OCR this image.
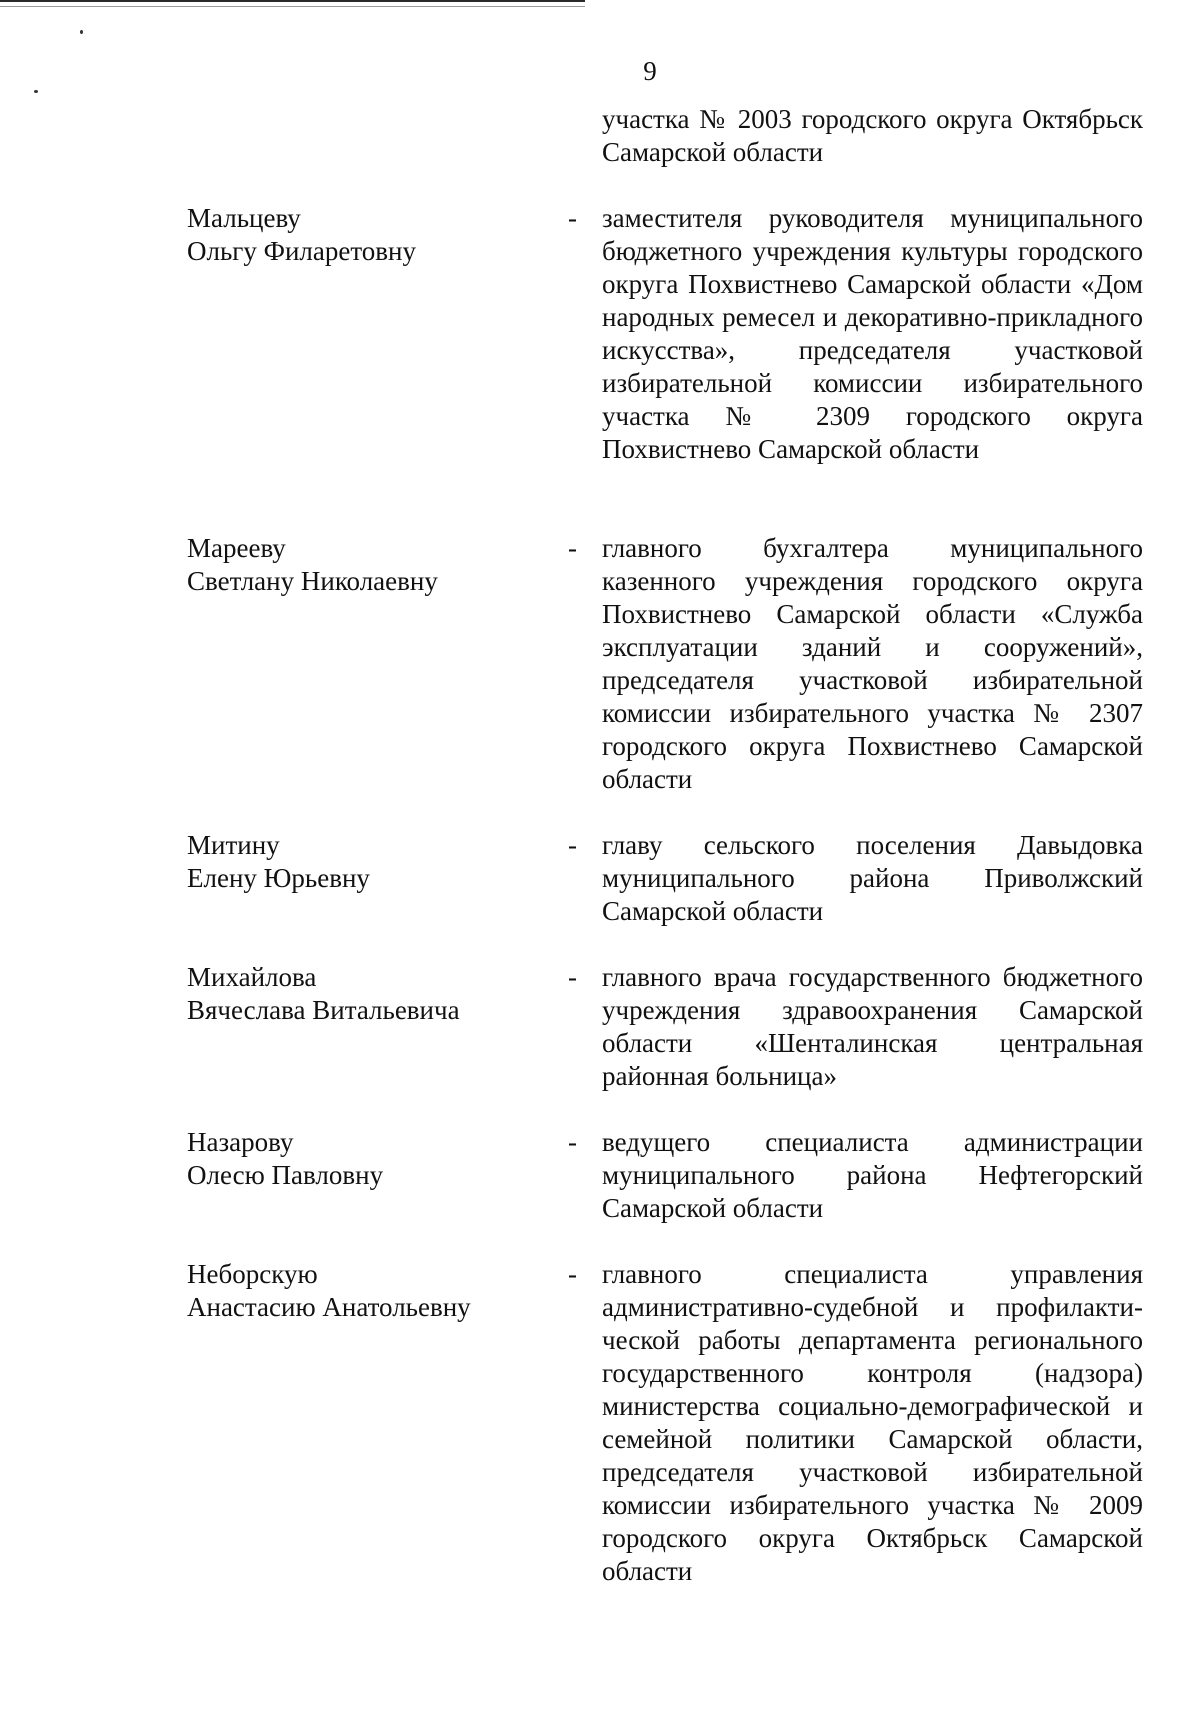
9
участка № 2003 городского округа Октябрьск Самарской области
Мальцеву
Ольгу Филаретовну
- заместителя руководителя муниципального бюджетного учреждения культуры городского округа Похвистнево Самарской области «Дом народных ремесел и декоративно-прикладного искусства», председателя участковой избирательной комиссии избирательного участка № 2309 городского округа Похвистнево Самарской области
Марееву
Светлану Николаевну
- главного бухгалтера муниципального казенного учреждения городского округа Похвистнево Самарской области «Служба эксплуатации зданий и сооружений», председателя участковой избирательной комиссии избирательного участка № 2307 городского округа Похвистнево Самарской области
Митину
Елену Юрьевну
- главу сельского поселения Давыдовка муниципального района Приволжский Самарской области
Михайлова
Вячеслава Витальевича
- главного врача государственного бюджетного учреждения здравоохранения Самарской области «Шенталинская центральная районная больница»
Назарову
Олесю Павловну
- ведущего специалиста администрации муниципального района Нефтегорский Самарской области
Неборскую
Анастасию Анатольевну
- главного специалиста управления административно-судебной и профилактической работы департамента регионального государственного контроля (надзора) министерства социально-демографической и семейной политики Самарской области, председателя участковой избирательной комиссии избирательного участка № 2009 городского округа Октябрьск Самарской области
